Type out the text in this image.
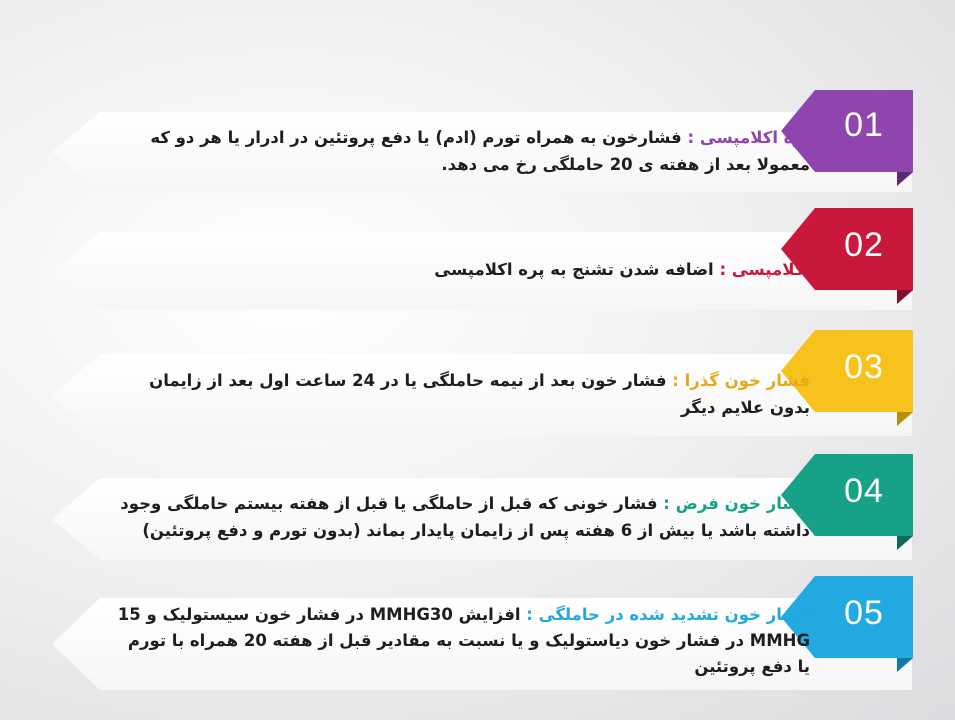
01
پره اکلامپسی : فشارخون به همراه تورم (ادم) یا دفع پروتئین در ادرار یا هر دو که معمولا بعد از هفته ی 20 حاملگی رخ می دهد.
02
اکلامپسی : اضافه شدن تشنج به پره اکلامپسی
03
فشار خون گذرا : فشار خون بعد از نیمه حاملگی یا در 24 ساعت اول بعد از زایمان بدون علایم دیگر
04
فشار خون فرض : فشار خونی که قبل از حاملگی یا قبل از هفته بیستم حاملگی وجود داشته باشد یا بیش از 6 هفته پس از زایمان پایدار بماند (بدون تورم و دفع پروتئین)
05
فشار خون تشدید شده در حاملگی : افزایش MMHG30 در فشار خون سیستولیک و 15 MMHG در فشار خون دیاستولیک و یا نسبت به مقادیر قبل از هفته 20 همراه با تورم یا دفع پروتئین
